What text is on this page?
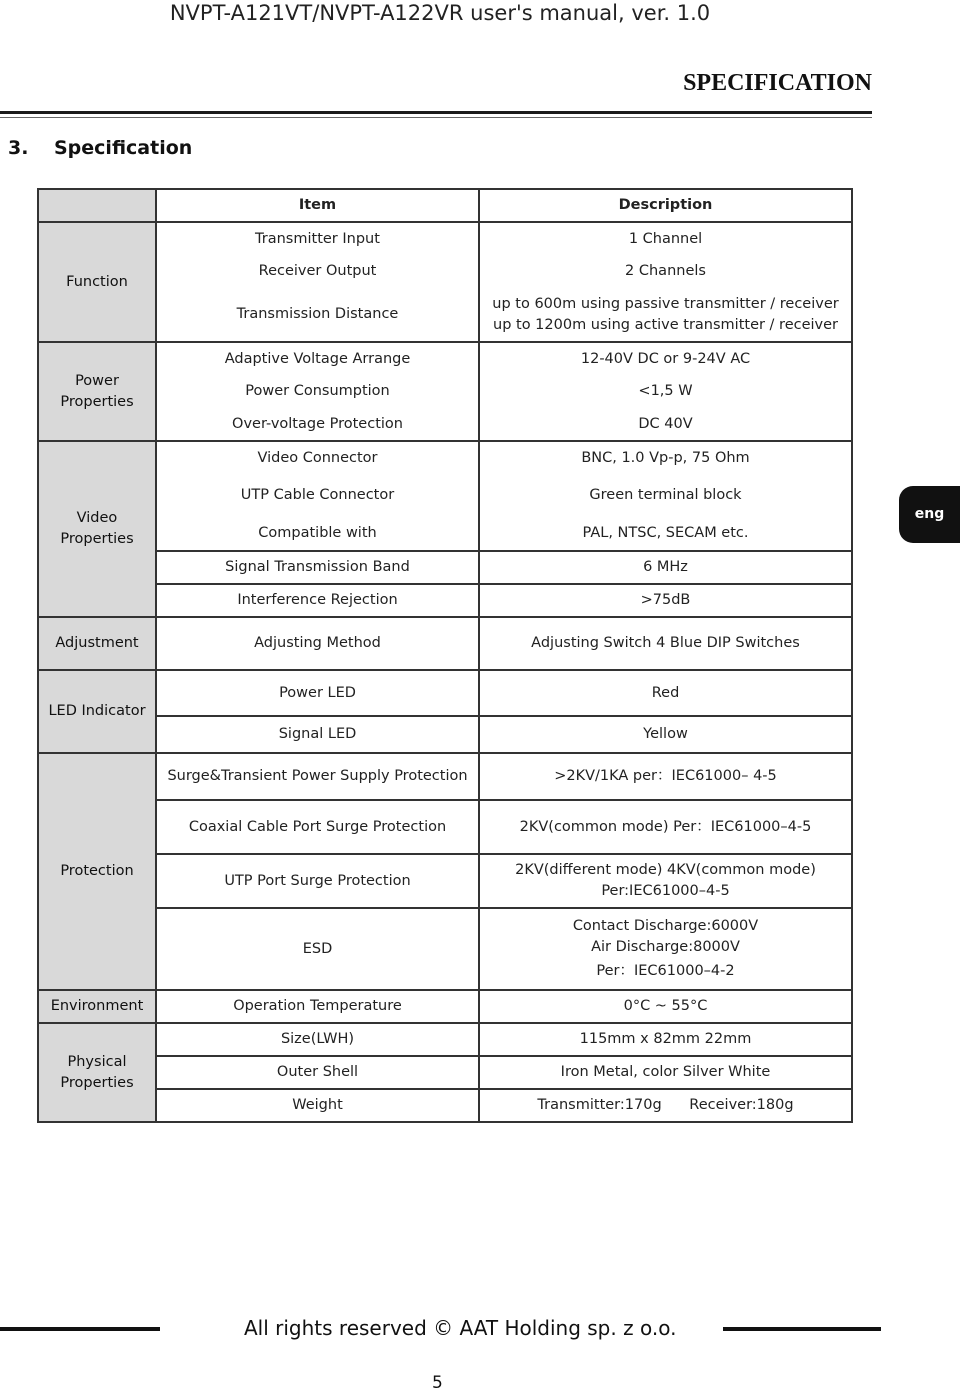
NVPT-A121VT/NVPT-A122VR user's manual, ver. 1.0
SPECIFICATION
3. Specification
	Item	Description
Function	Transmitter Input	1 Channel
	Receiver Output	2 Channels
	Transmission Distance	up to 600m using passive transmitter / receiver
up to 1200m using active transmitter / receiver

Power Properties	Adaptive Voltage Arrange	12-40V DC or 9-24V AC
	Power Consumption	<1,5 W
	Over-voltage Protection	DC 40V

Video Properties	Video Connector	BNC, 1.0 Vp-p, 75 Ohm
	UTP Cable Connector	Green terminal block
	Compatible with	PAL, NTSC, SECAM etc.
	Signal Transmission Band	6 MHz
	Interference Rejection	>75dB
Adjustment	Adjusting Method	Adjusting Switch 4 Blue DIP Switches
LED Indicator	Power LED	Red
	Signal LED	Yellow

Protection	Surge&Transient Power Supply Protection	>2KV/1KA per：IEC61000– 4-5
	Coaxial Cable Port Surge Protection	2KV(common mode) Per：IEC61000–4-5
	UTP Port Surge Protection	2KV(different mode) 4KV(common mode)
Per:IEC61000–4-5

	ESD	Contact Discharge:6000V
Air Discharge:8000V
Per：IEC61000–4-2

Environment	Operation Temperature	0°C ~ 55°C

Physical Properties	Size(LWH)	115mm x 82mm 22mm
	Outer Shell	Iron Metal, color Silver White
	Weight	Transmitter:170g      Receiver:180g
eng
All rights reserved © AAT Holding sp. z o.o.
5
